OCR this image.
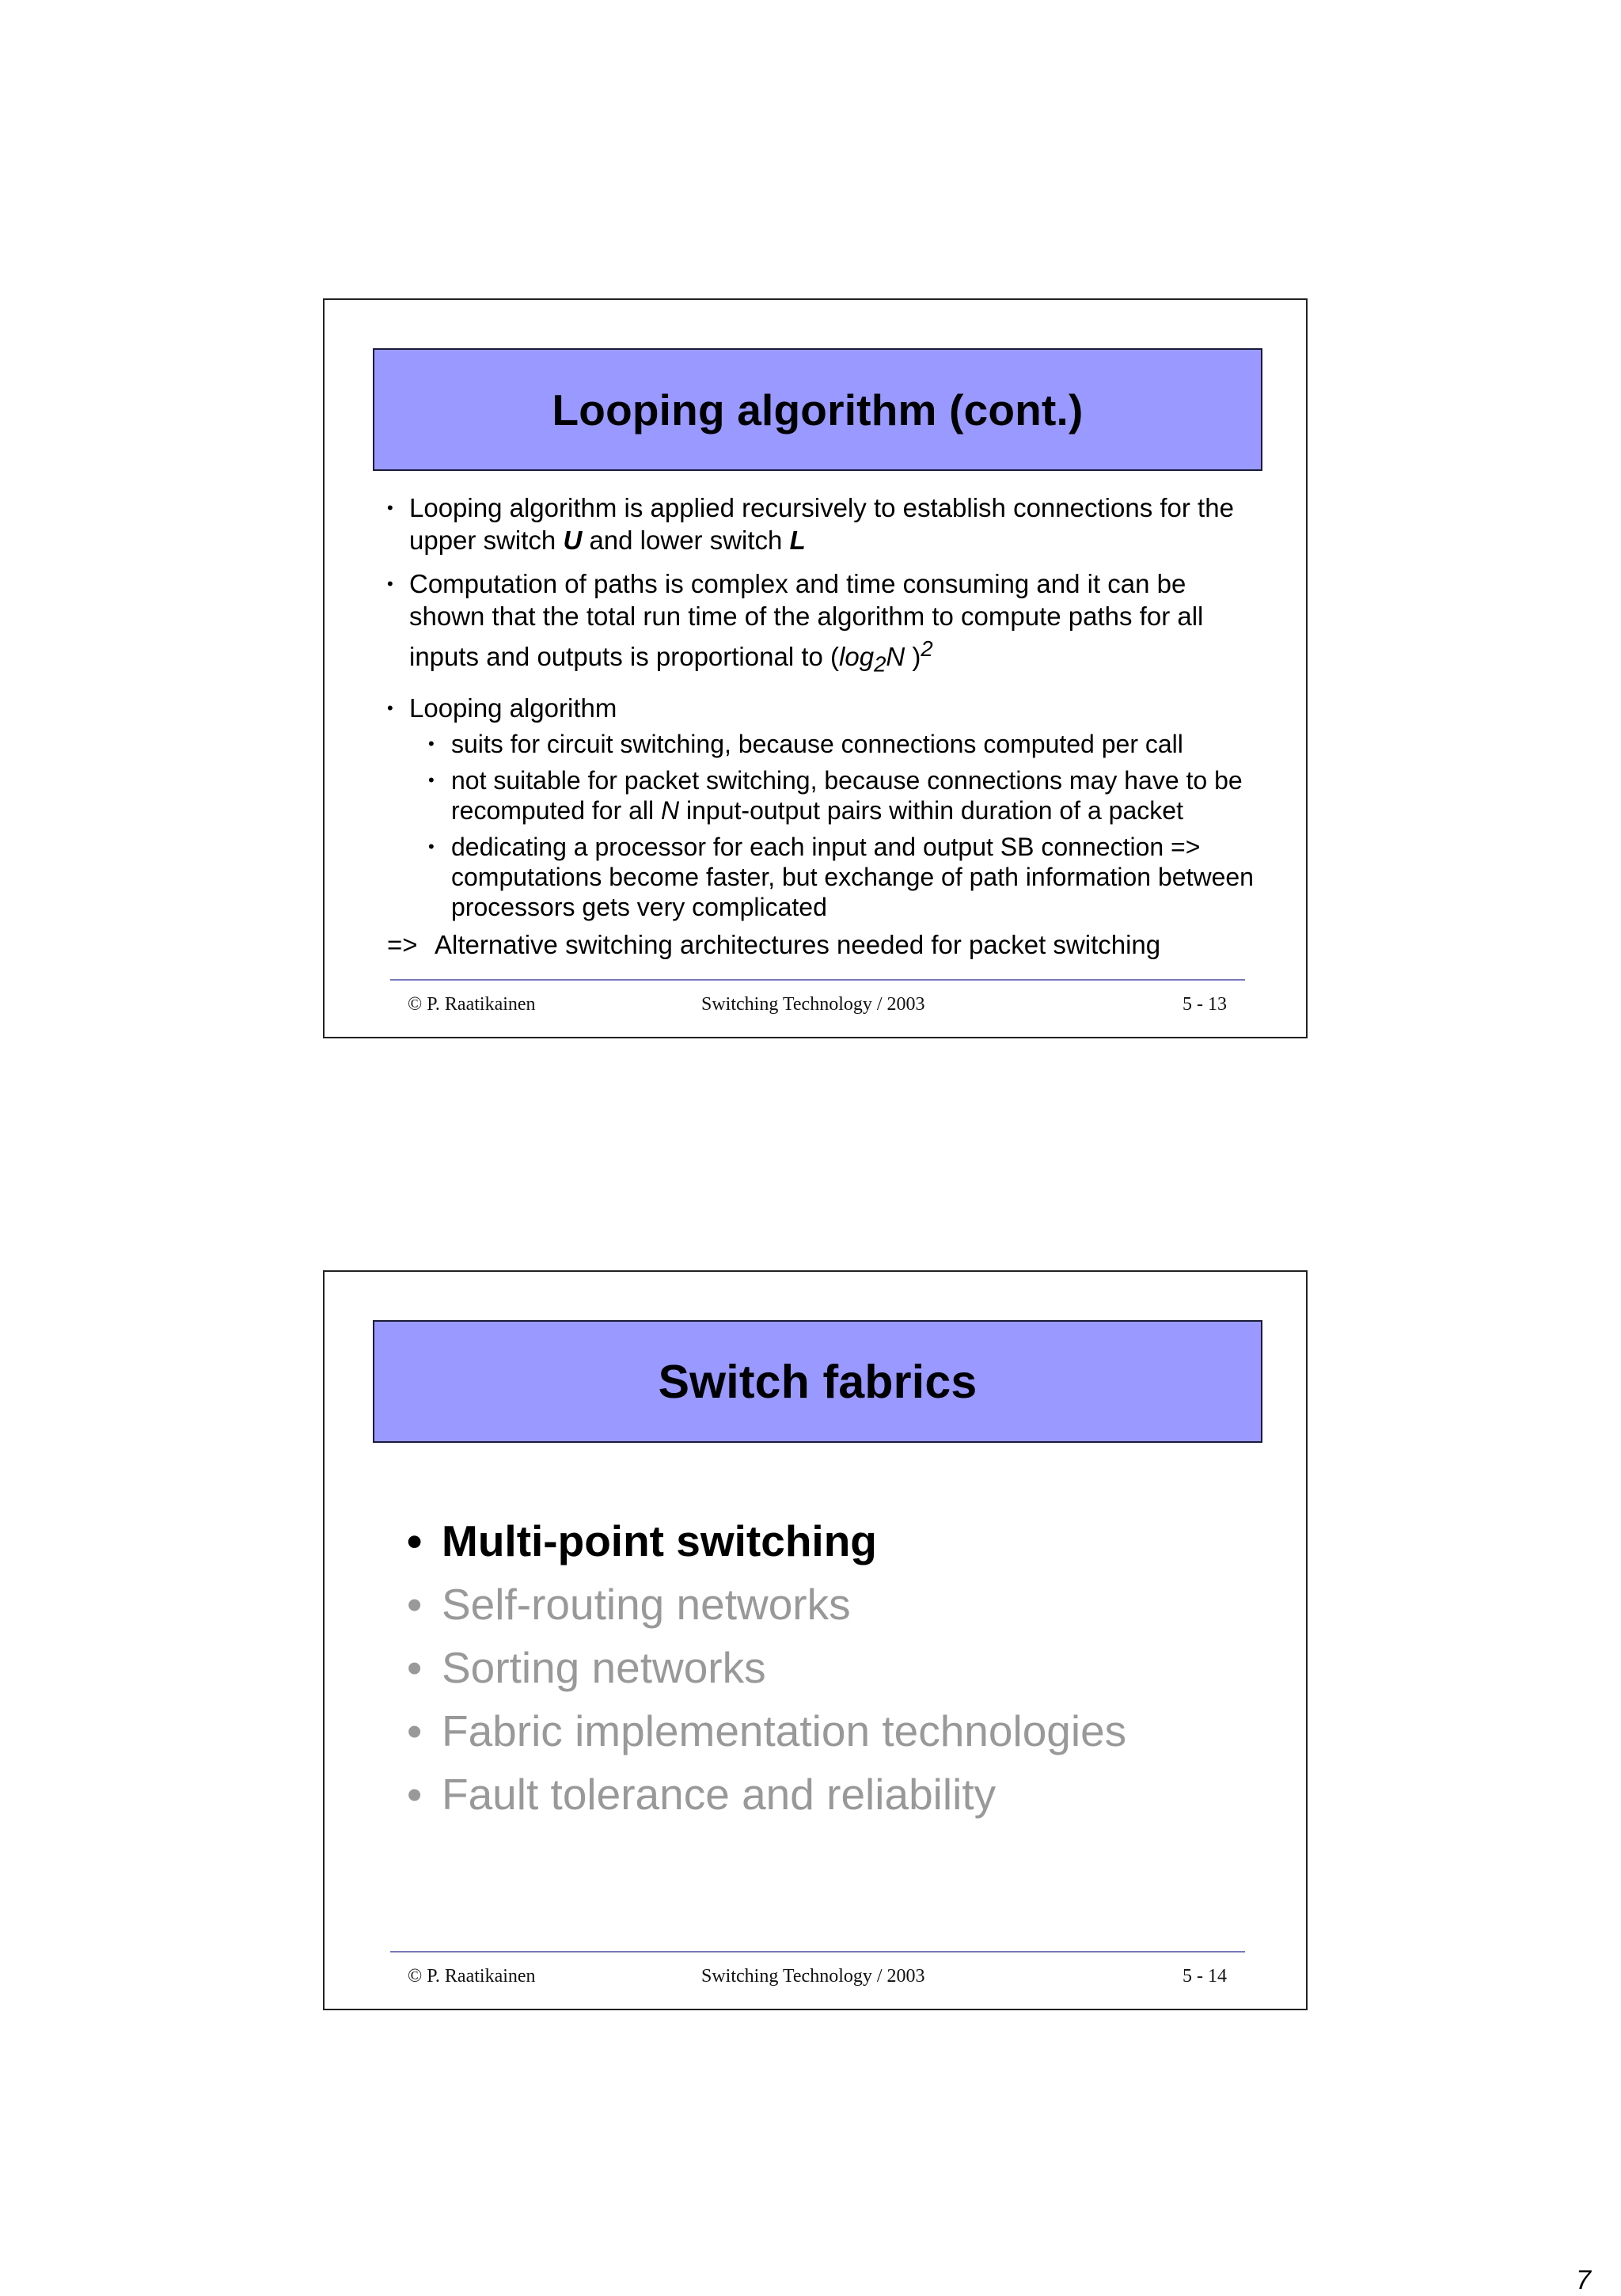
Looping algorithm (cont.)
• Looping algorithm is applied recursively to establish connections for the upper switch U and lower switch L
• Computation of paths is complex and time consuming and it can be shown that the total run time of the algorithm to compute paths for all inputs and outputs is proportional to ($\log_2N$ )$^2$
• Looping algorithm
• suits for circuit switching, because connections computed per call
• not suitable for packet switching, because connections may have to be recomputed for all N input-output pairs within duration of a packet
• dedicating a processor for each input and output SB connection => computations become faster, but exchange of path information between processors gets very complicated
=> Alternative switching architectures needed for packet switching
© P. Raatikainen	Switching Technology / 2003	5 - 13
Switch fabrics
• Multi-point switching
• Self-routing networks
• Sorting networks
• Fabric implementation technologies
• Fault tolerance and reliability
© P. Raatikainen	Switching Technology / 2003	5 - 14
7
